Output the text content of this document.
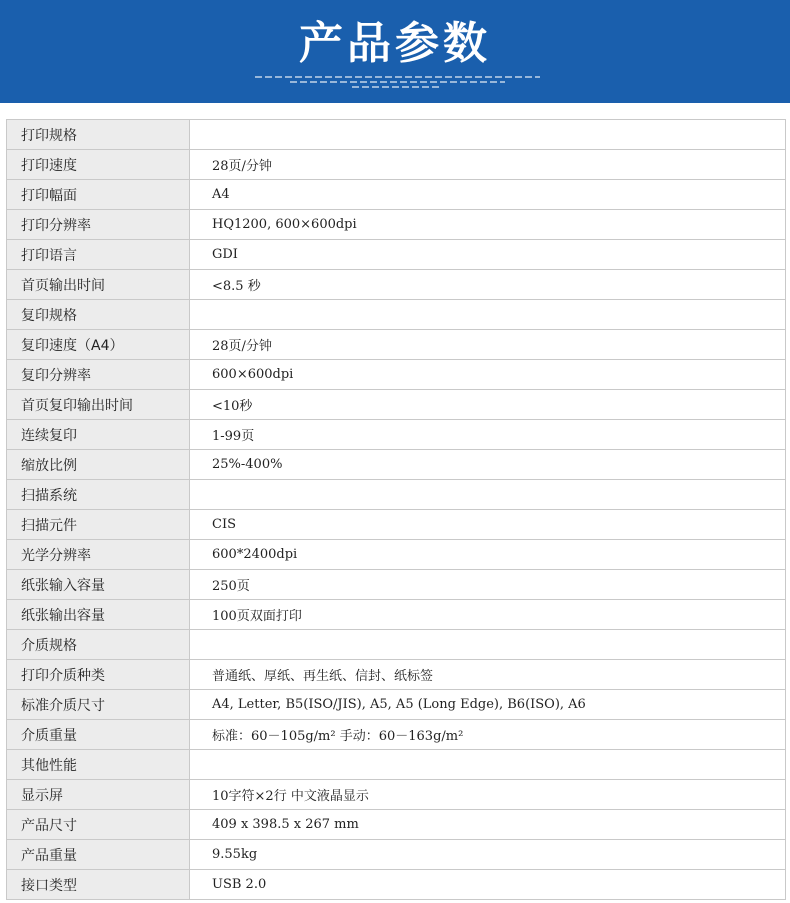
产品参数
打印规格	
打印速度	28页/分钟
打印幅面	A4
打印分辨率	HQ1200, 600×600dpi
打印语言	GDI
首页输出时间	<8.5 秒
复印规格	
复印速度（A4）	28页/分钟
复印分辨率	600×600dpi
首页复印输出时间	<10秒
连续复印	1-99页
缩放比例	25%-400%
扫描系统	
扫描元件	CIS
光学分辨率	600*2400dpi
纸张输入容量	250页
纸张输出容量	100页双面打印
介质规格	
打印介质种类	普通纸、厚纸、再生纸、信封、纸标签
标准介质尺寸	A4, Letter, B5(ISO/JIS), A5, A5 (Long Edge), B6(ISO), A6
介质重量	标准：60－105g/m² 手动：60－163g/m²
其他性能	
显示屏	10字符×2行 中文液晶显示
产品尺寸	409 x 398.5 x 267 mm
产品重量	9.55kg
接口类型	USB 2.0
